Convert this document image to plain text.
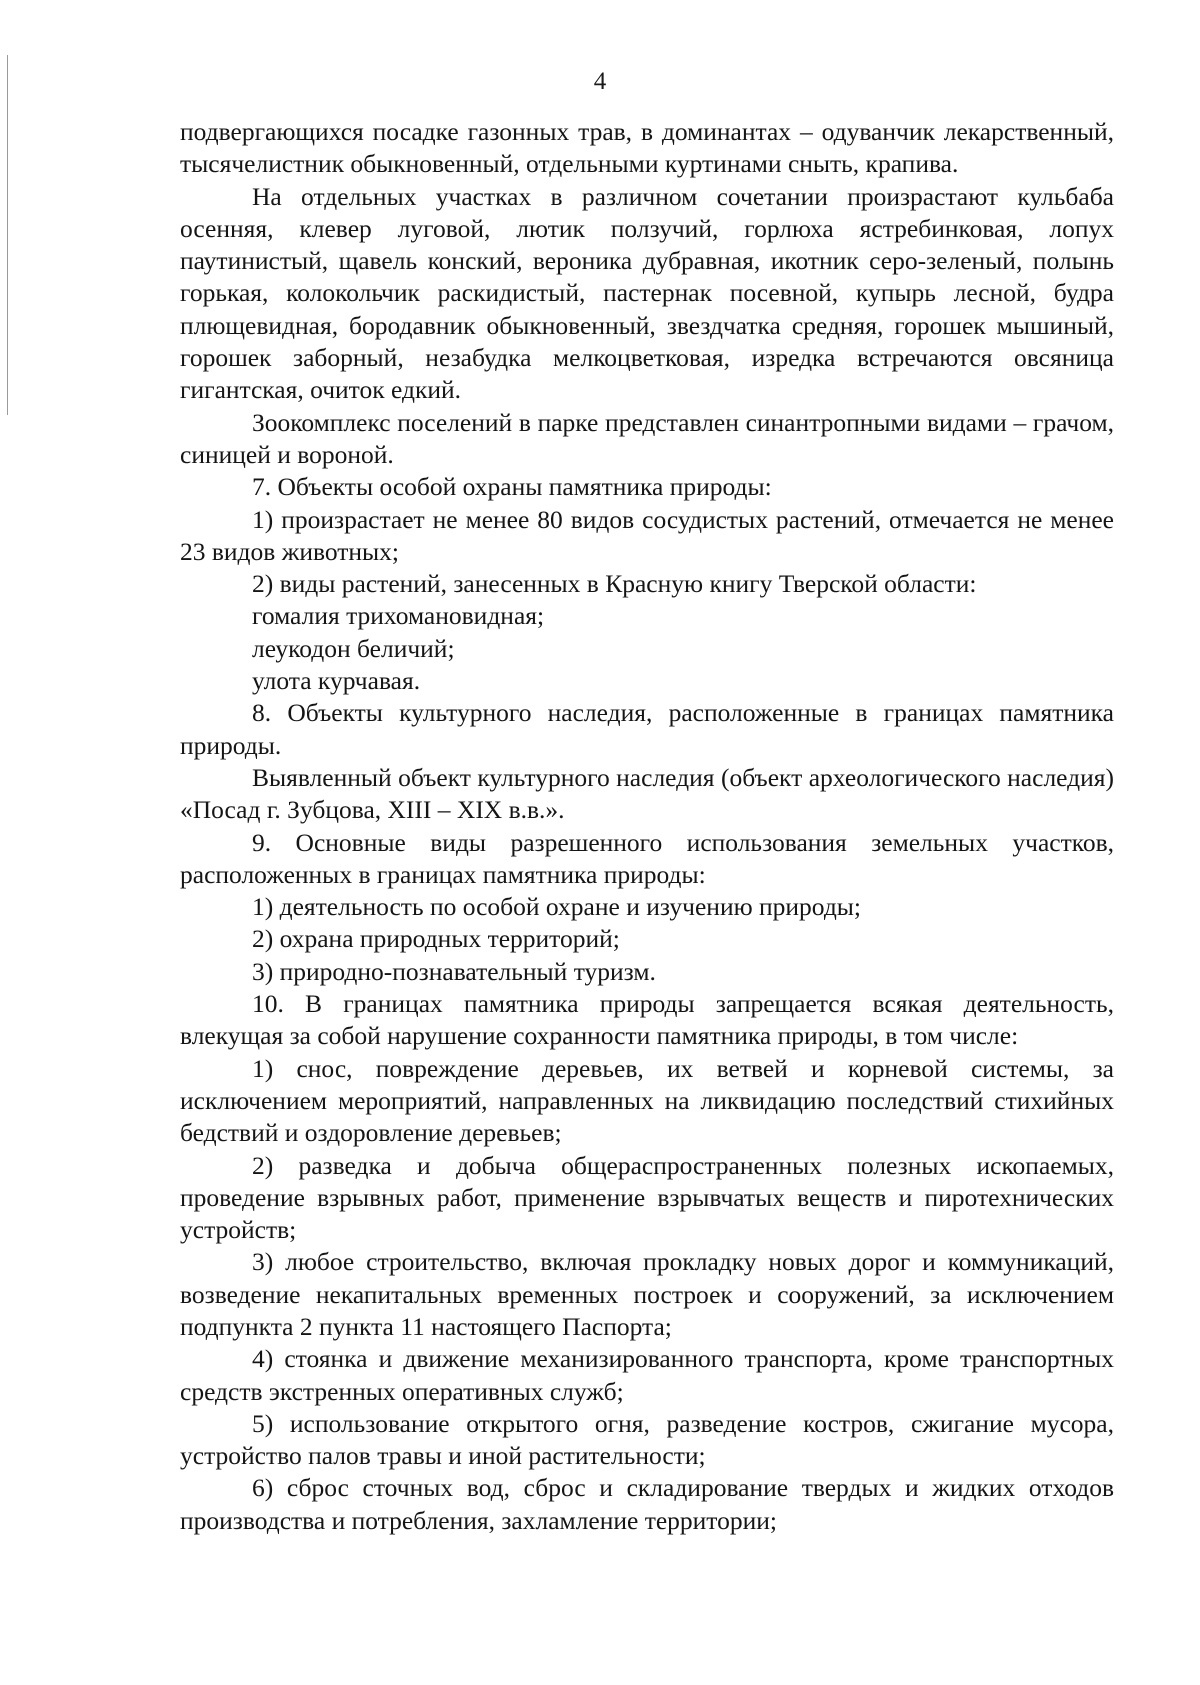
4

подвергающихся посадке газонных трав, в доминантах – одуванчик лекарственный, тысячелистник обыкновенный, отдельными куртинами сныть, крапива.

На отдельных участках в различном сочетании произрастают кульбаба осенняя, клевер луговой, лютик ползучий, горлюха ястребинковая, лопух паутинистый, щавель конский, вероника дубравная, икотник серо-зеленый, полынь горькая, колокольчик раскидистый, пастернак посевной, купырь лесной, будра плющевидная, бородавник обыкновенный, звездчатка средняя, горошек мышиный, горошек заборный, незабудка мелкоцветковая, изредка встречаются овсяница гигантская, очиток едкий.

Зоокомплекс поселений в парке представлен синантропными видами – грачом, синицей и вороной.

7. Объекты особой охраны памятника природы:

1) произрастает не менее 80 видов сосудистых растений, отмечается не менее 23 видов животных;

2) виды растений, занесенных в Красную книгу Тверской области:

гомалия трихомановидная;

леукодон беличий;

улота курчавая.

8. Объекты культурного наследия, расположенные в границах памятника природы.

Выявленный объект культурного наследия (объект археологического наследия) «Посад г. Зубцова, XIII – XIX в.в.».

9. Основные виды разрешенного использования земельных участков, расположенных в границах памятника природы:

1) деятельность по особой охране и изучению природы;

2) охрана природных территорий;

3) природно-познавательный туризм.

10. В границах памятника природы запрещается всякая деятельность, влекущая за собой нарушение сохранности памятника природы, в том числе:

1) снос, повреждение деревьев, их ветвей и корневой системы, за исключением мероприятий, направленных на ликвидацию последствий стихийных бедствий и оздоровление деревьев;

2) разведка и добыча общераспространенных полезных ископаемых, проведение взрывных работ, применение взрывчатых веществ и пиротехнических устройств;

3) любое строительство, включая прокладку новых дорог и коммуникаций, возведение некапитальных временных построек и сооружений, за исключением подпункта 2 пункта 11 настоящего Паспорта;

4) стоянка и движение механизированного транспорта, кроме транспортных средств экстренных оперативных служб;

5) использование открытого огня, разведение костров, сжигание мусора, устройство палов травы и иной растительности;

6) сброс сточных вод, сброс и складирование твердых и жидких отходов производства и потребления, захламление территории;
